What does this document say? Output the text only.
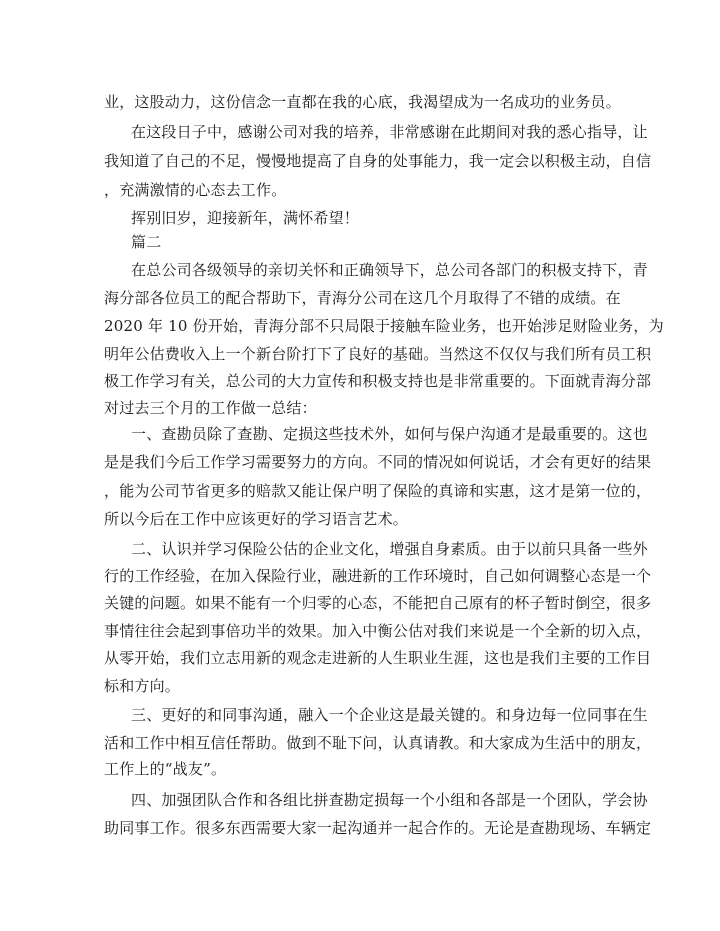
业，这股动力，这份信念一直都在我的心底，我渴望成为一名成功的业务员。
在这段日子中，感谢公司对我的培养，非常感谢在此期间对我的悉心指导，让
我知道了自己的不足，慢慢地提高了自身的处事能力，我一定会以积极主动，自信
，充满激情的心态去工作。
挥别旧岁，迎接新年，满怀希望！
篇二
在总公司各级领导的亲切关怀和正确领导下，总公司各部门的积极支持下，青
海分部各位员工的配合帮助下，青海分公司在这几个月取得了不错的成绩。在
2020 年 10 份开始，青海分部不只局限于接触车险业务，也开始涉足财险业务，为
明年公估费收入上一个新台阶打下了良好的基础。当然这不仅仅与我们所有员工积
极工作学习有关，总公司的大力宣传和积极支持也是非常重要的。下面就青海分部
对过去三个月的工作做一总结：
一、查勘员除了查勘、定损这些技术外，如何与保户沟通才是最重要的。这也
是是我们今后工作学习需要努力的方向。不同的情况如何说话，才会有更好的结果
，能为公司节省更多的赔款又能让保户明了保险的真谛和实惠，这才是第一位的，
所以今后在工作中应该更好的学习语言艺术。
二、认识并学习保险公估的企业文化，增强自身素质。由于以前只具备一些外
行的工作经验，在加入保险行业，融进新的工作环境时，自己如何调整心态是一个
关键的问题。如果不能有一个归零的心态，不能把自己原有的杯子暂时倒空，很多
事情往往会起到事倍功半的效果。加入中衡公估对我们来说是一个全新的切入点，
从零开始，我们立志用新的观念走进新的人生职业生涯，这也是我们主要的工作目
标和方向。
三、更好的和同事沟通，融入一个企业这是最关键的。和身边每一位同事在生
活和工作中相互信任帮助。做到不耻下问，认真请教。和大家成为生活中的朋友，
工作上的“战友”。
四、加强团队合作和各组比拼查勘定损每一个小组和各部是一个团队，学会协
助同事工作。很多东西需要大家一起沟通并一起合作的。无论是查勘现场、车辆定
